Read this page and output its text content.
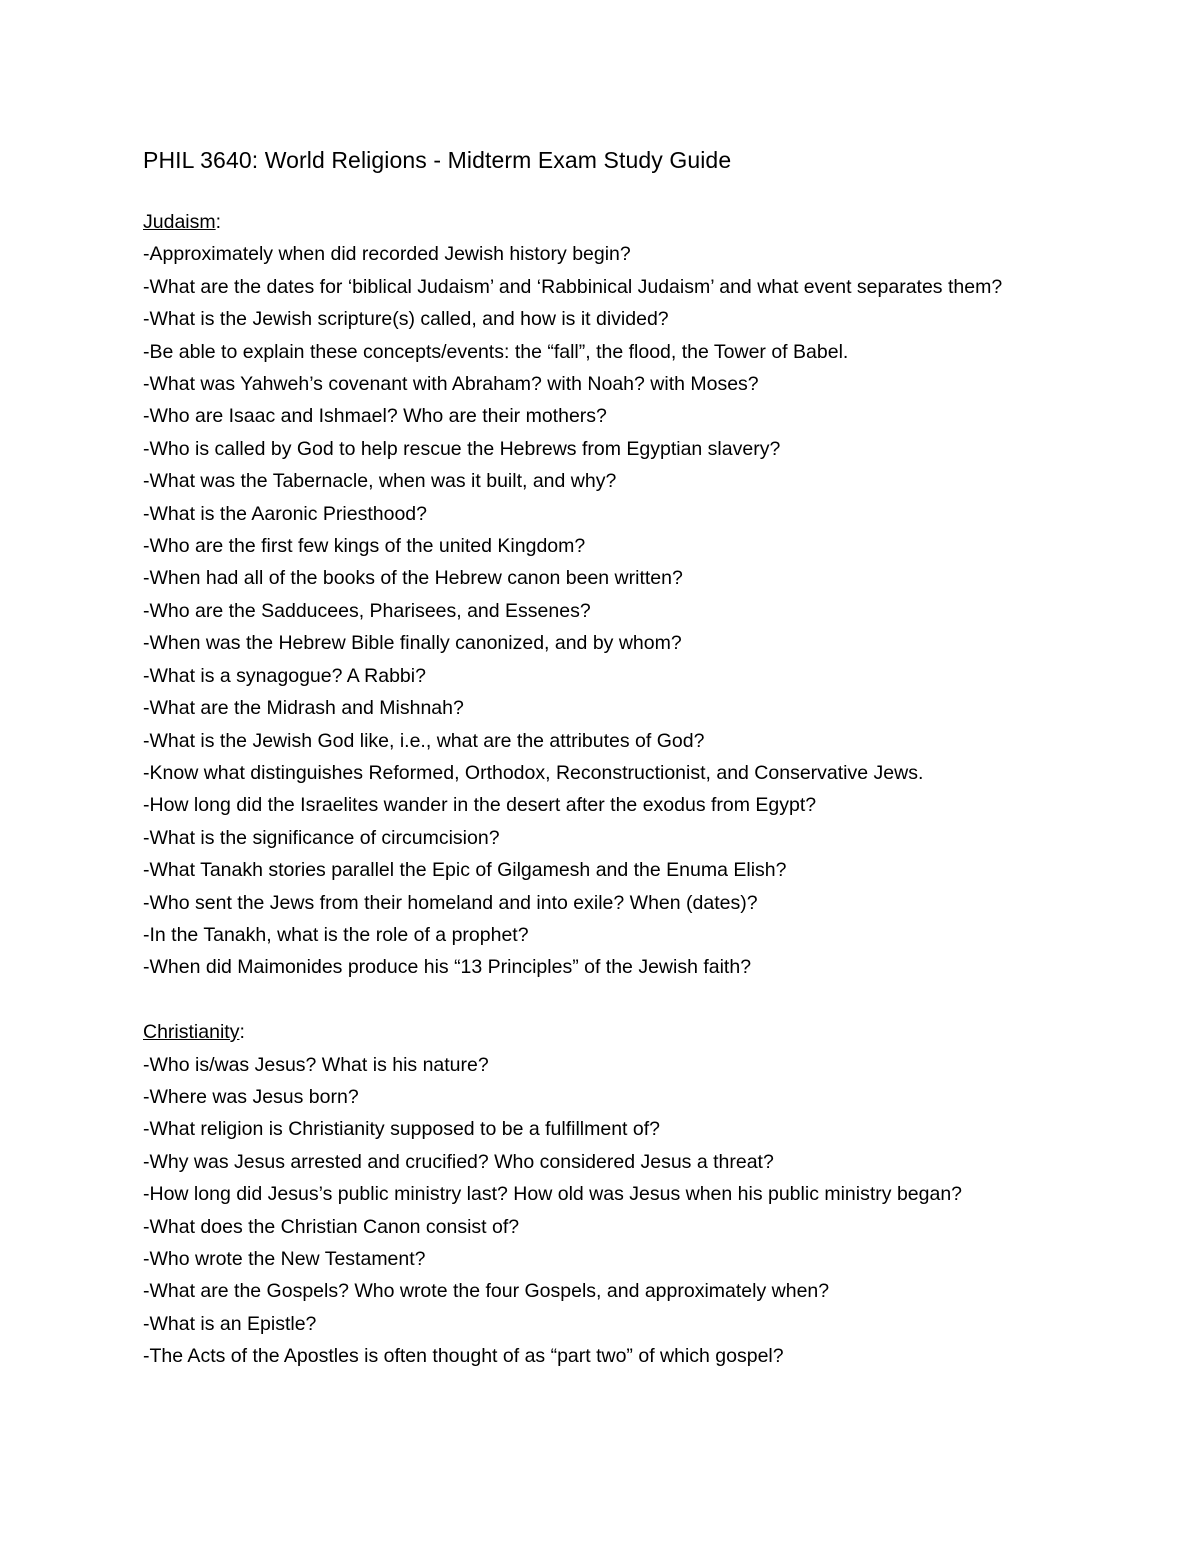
PHIL 3640: World Religions - Midterm Exam Study Guide
Judaism:
-Approximately when did recorded Jewish history begin?
-What are the dates for ‘biblical Judaism’ and ‘Rabbinical Judaism’ and what event separates them?
-What is the Jewish scripture(s) called, and how is it divided?
-Be able to explain these concepts/events: the “fall”, the flood, the Tower of Babel.
-What was Yahweh’s covenant with Abraham? with Noah? with Moses?
-Who are Isaac and Ishmael? Who are their mothers?
-Who is called by God to help rescue the Hebrews from Egyptian slavery?
-What was the Tabernacle, when was it built, and why?
-What is the Aaronic Priesthood?
-Who are the first few kings of the united Kingdom?
-When had all of the books of the Hebrew canon been written?
-Who are the Sadducees, Pharisees, and Essenes?
-When was the Hebrew Bible finally canonized, and by whom?
-What is a synagogue? A Rabbi?
-What are the Midrash and Mishnah?
-What is the Jewish God like, i.e., what are the attributes of God?
-Know what distinguishes Reformed, Orthodox, Reconstructionist, and Conservative Jews.
-How long did the Israelites wander in the desert after the exodus from Egypt?
-What is the significance of circumcision?
-What Tanakh stories parallel the Epic of Gilgamesh and the Enuma Elish?
-Who sent the Jews from their homeland and into exile? When (dates)?
-In the Tanakh, what is the role of a prophet?
-When did Maimonides produce his “13 Principles” of the Jewish faith?
Christianity:
-Who is/was Jesus? What is his nature?
-Where was Jesus born?
-What religion is Christianity supposed to be a fulfillment of?
-Why was Jesus arrested and crucified? Who considered Jesus a threat?
-How long did Jesus’s public ministry last? How old was Jesus when his public ministry began?
-What does the Christian Canon consist of?
-Who wrote the New Testament?
-What are the Gospels? Who wrote the four Gospels, and approximately when?
-What is an Epistle?
-The Acts of the Apostles is often thought of as “part two” of which gospel?
